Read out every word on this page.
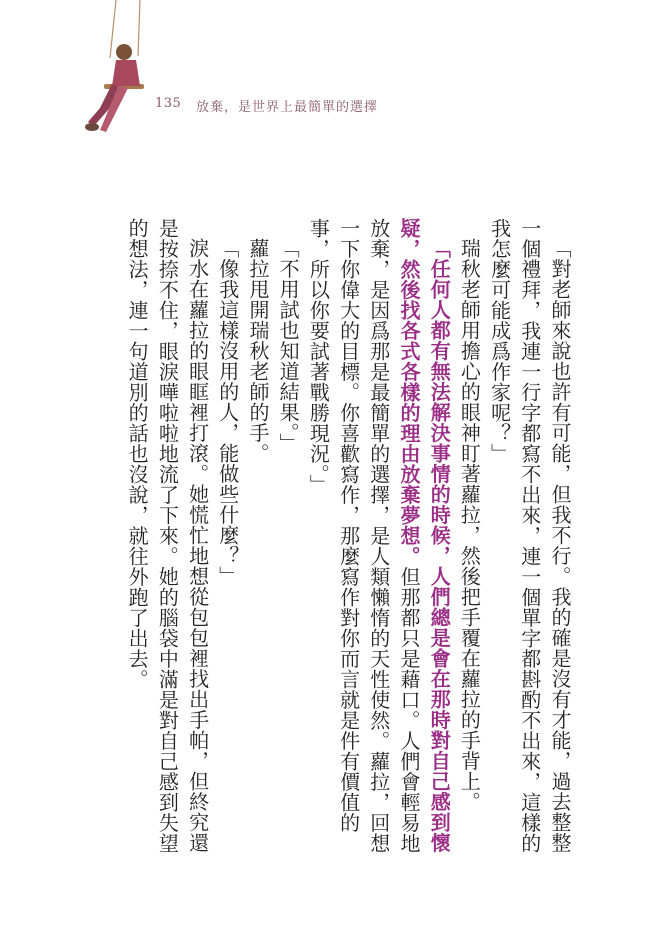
135 放棄，是世界上最簡單的選擇

「對老師來說也許有可能，但我不行。我的確是沒有才能，過去整整一個禮拜，我連一行字都寫不出來，連一個單字都斟酌不出來，這樣的我怎麼可能成爲作家呢？」

瑞秋老師用擔心的眼神盯著蘿拉，然後把手覆在蘿拉的手背上。

「任何人都有無法解決事情的時候，人們總是會在那時對自己感到懷疑，然後找各式各樣的理由放棄夢想。但那都只是藉口。人們會輕易地放棄，是因爲那是最簡單的選擇，是人類懶惰的天性使然。蘿拉，回想一下你偉大的目標。你喜歡寫作，那麼寫作對你而言就是件有價值的事，所以你要試著戰勝現況。」

「不用試也知道結果。」

蘿拉甩開瑞秋老師的手。

「像我這樣沒用的人，能做些什麼？」

淚水在蘿拉的眼眶裡打滾。她慌忙地想從包包裡找出手帕，但終究還是按捺不住，眼淚嘩啦啦地流了下來。她的腦袋中滿是對自己感到失望的想法，連一句道別的話也沒說，就往外跑了出去。
